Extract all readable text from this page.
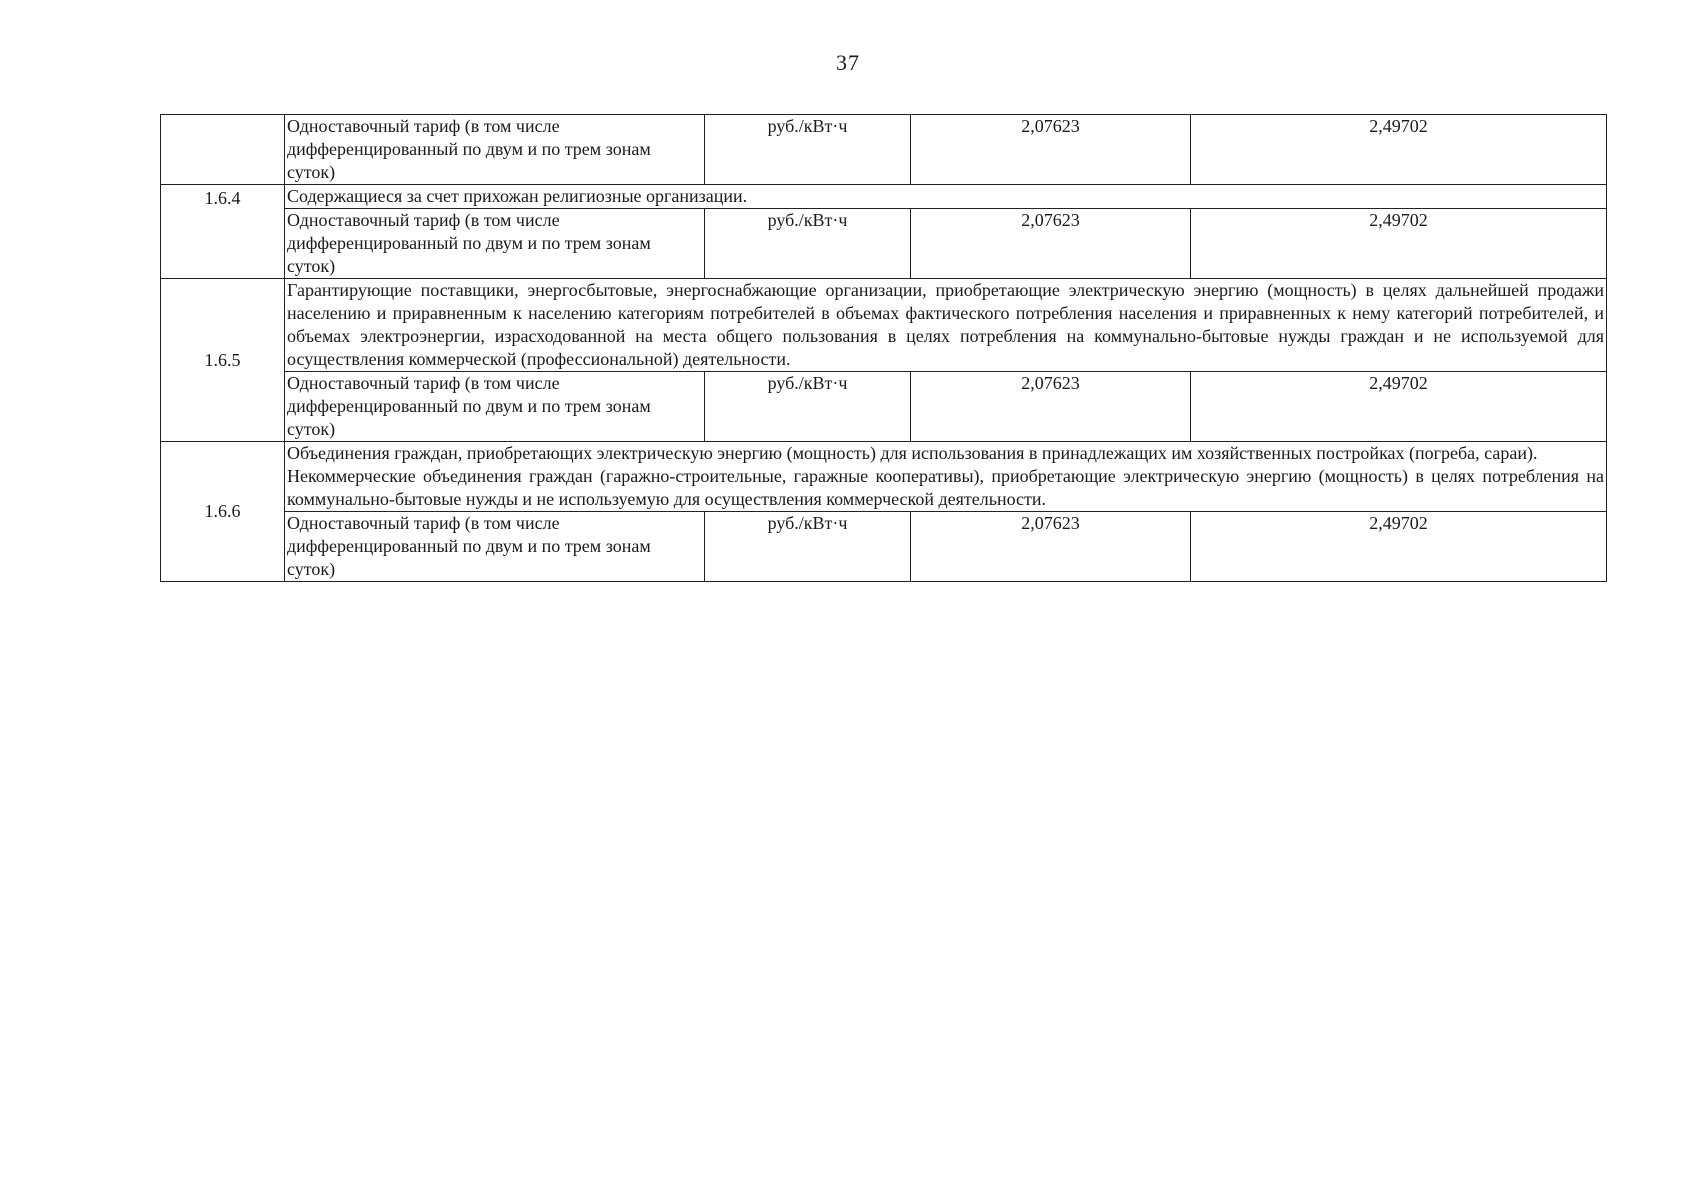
37
	Одноставочный тариф (в том числе дифференцированный по двум и по трем зонам суток)	руб./кВт·ч	2,07623	2,49702
1.6.4	Содержащиеся за счет прихожан религиозные организации.			

	Одноставочный тариф (в том числе дифференцированный по двум и по трем зонам суток)	руб./кВт·ч	2,07623	2,49702
1.6.5	Гарантирующие поставщики, энергосбытовые, энергоснабжающие организации, приобретающие электрическую энергию (мощность) в целях дальнейшей продажи населению и приравненным к населению категориям потребителей в объемах фактического потребления населения и приравненных к нему категорий потребителей, и объемах электроэнергии, израсходованной на места общего пользования в целях потребления на коммунально-бытовые нужды граждан и не используемой для осуществления коммерческой (профессиональной) деятельности.			

	Одноставочный тариф (в том числе дифференцированный по двум и по трем зонам суток)	руб./кВт·ч	2,07623	2,49702
1.6.6	Объединения граждан, приобретающих электрическую энергию (мощность) для использования в принадлежащих им хозяйственных постройках (погреба, сараи).

Некоммерческие объединения граждан (гаражно-строительные, гаражные кооперативы), приобретающие электрическую энергию (мощность) в целях потребления на коммунально-бытовые нужды и не используемую для осуществления коммерческой деятельности.			

	Одноставочный тариф (в том числе дифференцированный по двум и по трем зонам суток)	руб./кВт·ч	2,07623	2,49702
